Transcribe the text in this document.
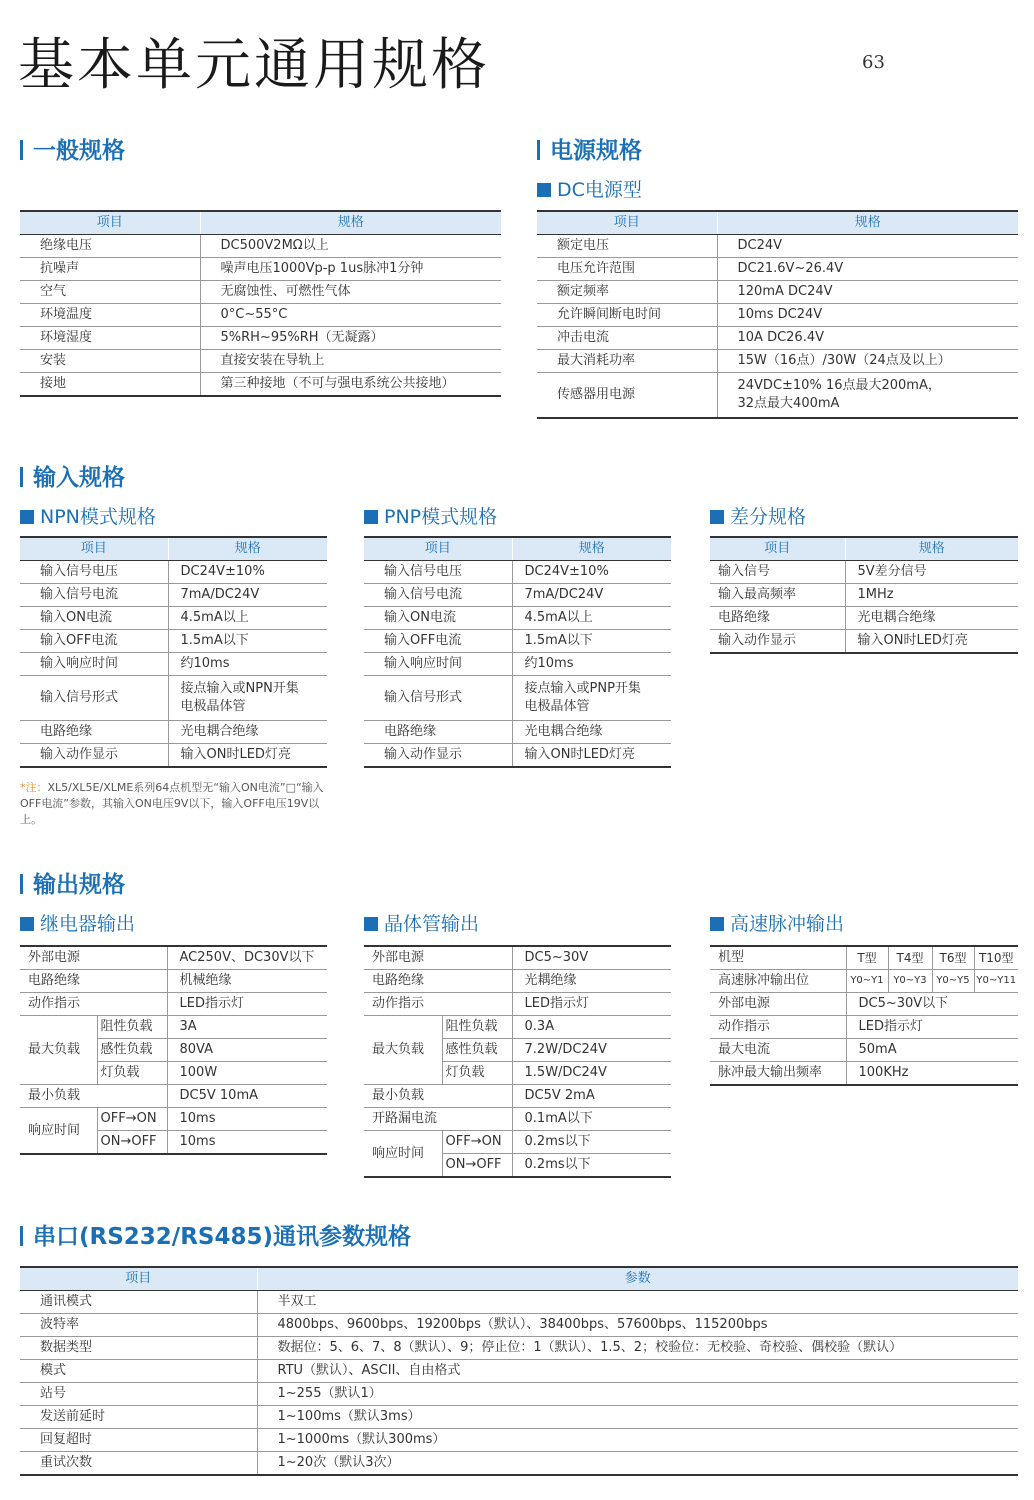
基本单元通用规格	63
一般规格
项目	规格
绝缘电压	DC500V2MΩ以上
抗噪声	噪声电压1000Vp-p 1us脉冲1分钟
空气	无腐蚀性、可燃性气体
环境温度	0°C~55°C
环境湿度	5%RH~95%RH（无凝露）
安装	直接安装在导轨上
接地	第三种接地（不可与强电系统公共接地）
电源规格
DC电源型
项目	规格
额定电压	DC24V
电压允许范围	DC21.6V~26.4V
额定频率	120mA DC24V
允许瞬间断电时间	10ms DC24V
冲击电流	10A DC26.4V
最大消耗功率	15W（16点）/30W（24点及以上）
传感器用电源	24VDC±10% 16点最大200mA，
32点最大400mA
输入规格
NPN模式规格
项目	规格
输入信号电压	DC24V±10%
输入信号电流	7mA/DC24V
输入ON电流	4.5mA以上
输入OFF电流	1.5mA以下
输入响应时间	约10ms
输入信号形式	接点输入或NPN开集
电极晶体管

电路绝缘	光电耦合绝缘
输入动作显示	输入ON时LED灯亮
*注：XL5/XL5E/XLME系列64点机型无“输入ON电流”□“输入OFF电流”参数，其输入ON电压9V以下，输入OFF电压19V以上。
PNP模式规格
项目	规格
输入信号电压	DC24V±10%
输入信号电流	7mA/DC24V
输入ON电流	4.5mA以上
输入OFF电流	1.5mA以下
输入响应时间	约10ms
输入信号形式	接点输入或PNP开集
电极晶体管

电路绝缘	光电耦合绝缘
输入动作显示	输入ON时LED灯亮
差分规格
项目	规格
输入信号	5V差分信号
输入最高频率	1MHz
电路绝缘	光电耦合绝缘
输入动作显示	输入ON时LED灯亮
输出规格
继电器输出
外部电源		AC250V、DC30V以下
电路绝缘		机械绝缘
动作指示		LED指示灯
最大负载	阻性负载	3A
	感性负载	80VA
	灯负载	100W
最小负载		DC5V 10mA
响应时间	OFF→ON	10ms
	ON→OFF	10ms
晶体管输出
外部电源		DC5~30V
电路绝缘		光耦绝缘
动作指示		LED指示灯
最大负载	阻性负载	0.3A
	感性负载	7.2W/DC24V
	灯负载	1.5W/DC24V
最小负载		DC5V 2mA
开路漏电流		0.1mA以下
响应时间	OFF→ON	0.2ms以下
	ON→OFF	0.2ms以下
高速脉冲输出
机型	T型	T4型	T6型	T10型
高速脉冲输出位	Y0~Y1	Y0~Y3	Y0~Y5	Y0~Y11
外部电源	DC5~30V以下			
动作指示	LED指示灯			
最大电流	50mA			
脉冲最大输出频率	100KHz			
串口(RS232/RS485)通讯参数规格
项目	参数
通讯模式	半双工
波特率	4800bps、9600bps、19200bps（默认）、38400bps、57600bps、115200bps
数据类型	数据位：5、6、7、8（默认）、9；停止位：1（默认）、1.5、2；校验位：无校验、奇校验、偶校验（默认）
模式	RTU（默认）、ASCII、自由格式
站号	1~255（默认1）
发送前延时	1~100ms（默认3ms）
回复超时	1~1000ms（默认300ms）
重试次数	1~20次（默认3次）
